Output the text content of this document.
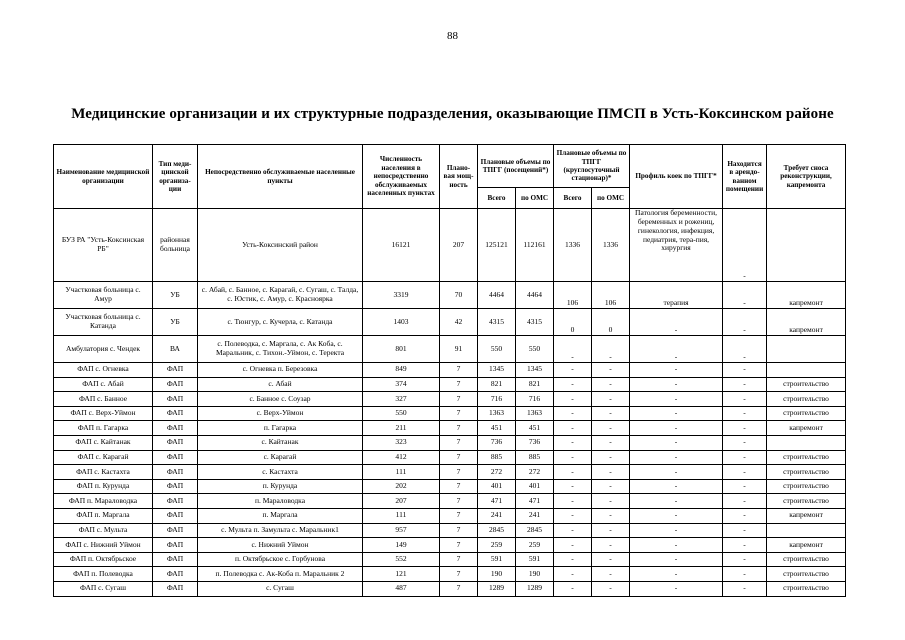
88
Медицинские организации и их структурные подразделения, оказывающие ПМСП в Усть-Коксинском районе
Наименование медицинской организации	Тип меди-цинской организа-ции	Непосредственно обслуживаемые населенные пункты	Численность населения в непосредственно обслуживаемых населенных пунктах	Плано-вая мощ-ность	Плановые объемы по ТПГГ (посещений*)		Плановые объемы по ТПГГ (круглосуточный стационар)*		Профиль коек по ТПГГ*	Находится в арендо-ванном помещении	Требует сноса реконструкции, капремонта
					Всего	по ОМС	Всего	по ОМС			
БУЗ РА "Усть-Коксинская РБ"	районная больница	Усть-Коксинский район	16121	207	125121	112161	1336	1336	Патология беременности, беременных и рожениц, гинекология, инфекция, педиатрия, тера-пия, хирургия	-	
Участковая больница с. Амур	УБ	с. Абай, с. Банное, с. Карагай, с. Сугаш, с. Талда, с. Юстик, с. Амур, с. Красноярка	3319	70	4464	4464	106	106	терапия	-	капремонт
Участковая больница с. Катанда	УБ	с. Тюнгур, с. Кучерла, с. Катанда	1403	42	4315	4315	0	0	-	-	капремонт
Амбулатория с. Чендек	ВА	с. Полеводка, с. Маргала, с. Ак Коба, с. Маральник, с. Тихон.-Уймон, с. Теректа	801	91	550	550	-	-	-	-	
ФАП с. Огневка	ФАП	с. Огневка п. Березовка	849	7	1345	1345	-	-	-	-	
ФАП с. Абай	ФАП	с. Абай	374	7	821	821	-	-	-	-	строительство
ФАП с. Банное	ФАП	с. Банное с. Соузар	327	7	716	716	-	-	-	-	строительство
ФАП с. Верх-Уймон	ФАП	с. Верх-Уймон	550	7	1363	1363	-	-	-	-	строительство
ФАП п. Гагарка	ФАП	п. Гагарка	211	7	451	451	-	-	-	-	капремонт
ФАП с. Кайтанак	ФАП	с. Кайтанак	323	7	736	736	-	-	-	-	
ФАП с. Карагай	ФАП	с. Карагай	412	7	885	885	-	-	-	-	строительство
ФАП с. Кастахта	ФАП	с. Кастахта	111	7	272	272	-	-	-	-	строительство
ФАП п. Курунда	ФАП	п. Курунда	202	7	401	401	-	-	-	-	строительство
ФАП п. Мараловодка	ФАП	п. Мараловодка	207	7	471	471	-	-	-	-	строительство
ФАП п. Маргала	ФАП	п. Маргала	111	7	241	241	-	-	-	-	капремонт
ФАП с. Мульта	ФАП	с. Мульта п. Замульта с. Маральник1	957	7	2845	2845	-	-	-	-	
ФАП с. Нижний Уймон	ФАП	с. Нижний Уймон	149	7	259	259	-	-	-	-	капремонт
ФАП п. Октябрьское	ФАП	п. Октябрьское с. Горбунова	552	7	591	591	-	-	-	-	строительство
ФАП п. Полеводка	ФАП	п. Полеводка с. Ак-Коба п. Маральник 2	121	7	190	190	-	-	-	-	строительство
ФАП с. Сугаш	ФАП	с. Сугаш	487	7	1289	1289	-	-	-	-	строительство
